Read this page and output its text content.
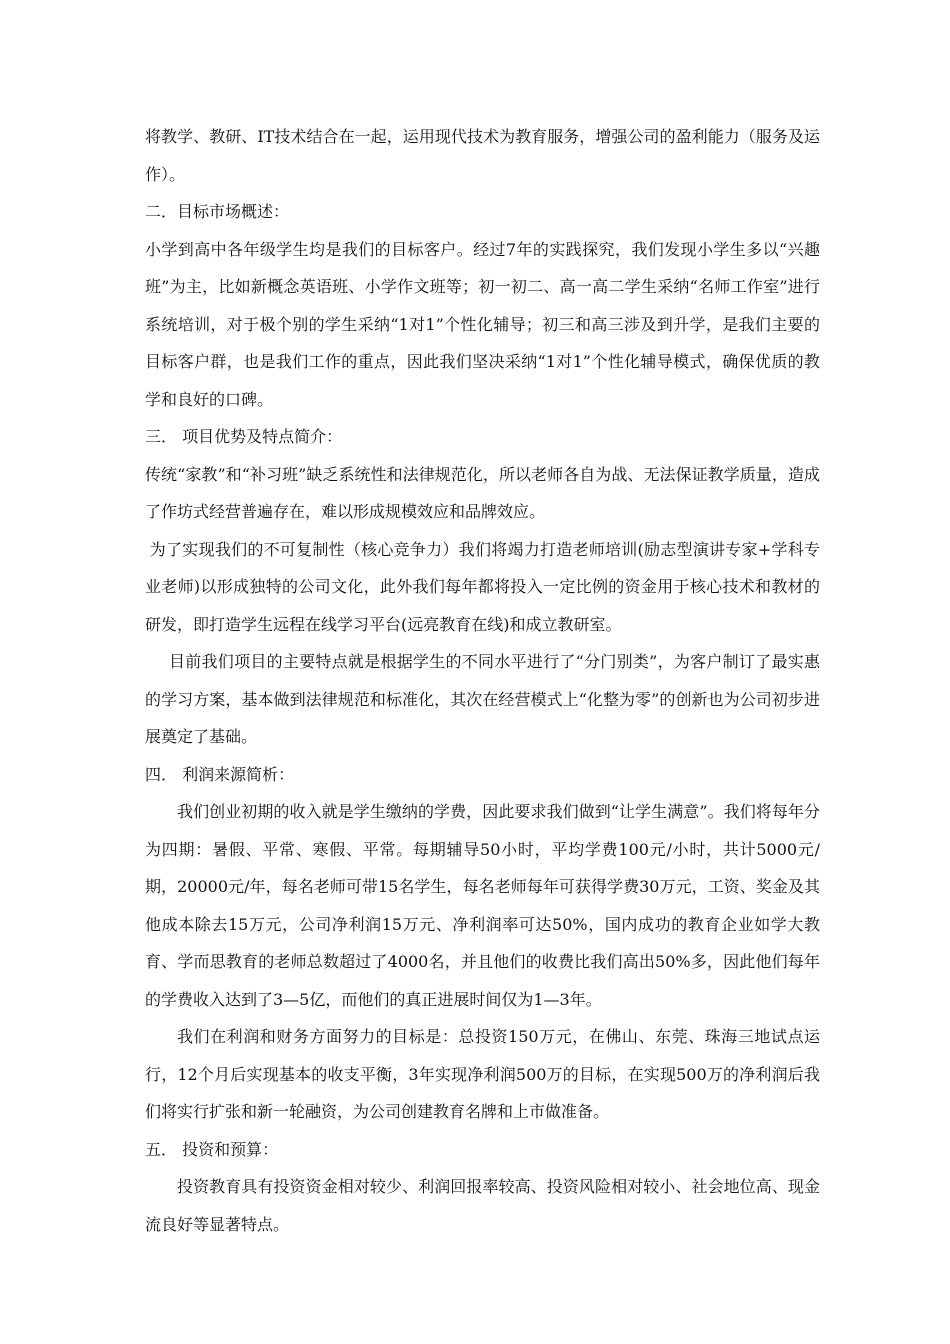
将教学、教研、IT技术结合在一起，运用现代技术为教育服务，增强公司的盈利能力（服务及运作）。

二．目标市场概述：

小学到高中各年级学生均是我们的目标客户。经过7年的实践探究，我们发现小学生多以“兴趣班”为主，比如新概念英语班、小学作文班等；初一初二、高一高二学生采纳“名师工作室”进行系统培训，对于极个别的学生采纳“1对1”个性化辅导；初三和高三涉及到升学，是我们主要的目标客户群，也是我们工作的重点，因此我们坚决采纳“1对1”个性化辅导模式，确保优质的教学和良好的口碑。

三． 项目优势及特点简介：

传统“家教”和“补习班”缺乏系统性和法律规范化，所以老师各自为战、无法保证教学质量，造成了作坊式经营普遍存在，难以形成规模效应和品牌效应。

为了实现我们的不可复制性（核心竞争力）我们将竭力打造老师培训(励志型演讲专家+学科专业老师)以形成独特的公司文化，此外我们每年都将投入一定比例的资金用于核心技术和教材的研发，即打造学生远程在线学习平台(远亮教育在线)和成立教研室。

目前我们项目的主要特点就是根据学生的不同水平进行了“分门别类”，为客户制订了最实惠的学习方案，基本做到法律规范和标准化，其次在经营模式上“化整为零”的创新也为公司初步进展奠定了基础。

四． 利润来源简析：

我们创业初期的收入就是学生缴纳的学费，因此要求我们做到“让学生满意”。我们将每年分为四期：暑假、平常、寒假、平常。每期辅导50小时，平均学费100元/小时，共计5000元/期，20000元/年，每名老师可带15名学生，每名老师每年可获得学费30万元，工资、奖金及其他成本除去15万元，公司净利润15万元、净利润率可达50%，国内成功的教育企业如学大教育、学而思教育的老师总数超过了4000名，并且他们的收费比我们高出50%多，因此他们每年的学费收入达到了3—5亿，而他们的真正进展时间仅为1—3年。

我们在利润和财务方面努力的目标是：总投资150万元，在佛山、东莞、珠海三地试点运行，12个月后实现基本的收支平衡，3年实现净利润500万的目标，在实现500万的净利润后我们将实行扩张和新一轮融资，为公司创建教育名牌和上市做准备。

五． 投资和预算：

投资教育具有投资资金相对较少、利润回报率较高、投资风险相对较小、社会地位高、现金流良好等显著特点。
